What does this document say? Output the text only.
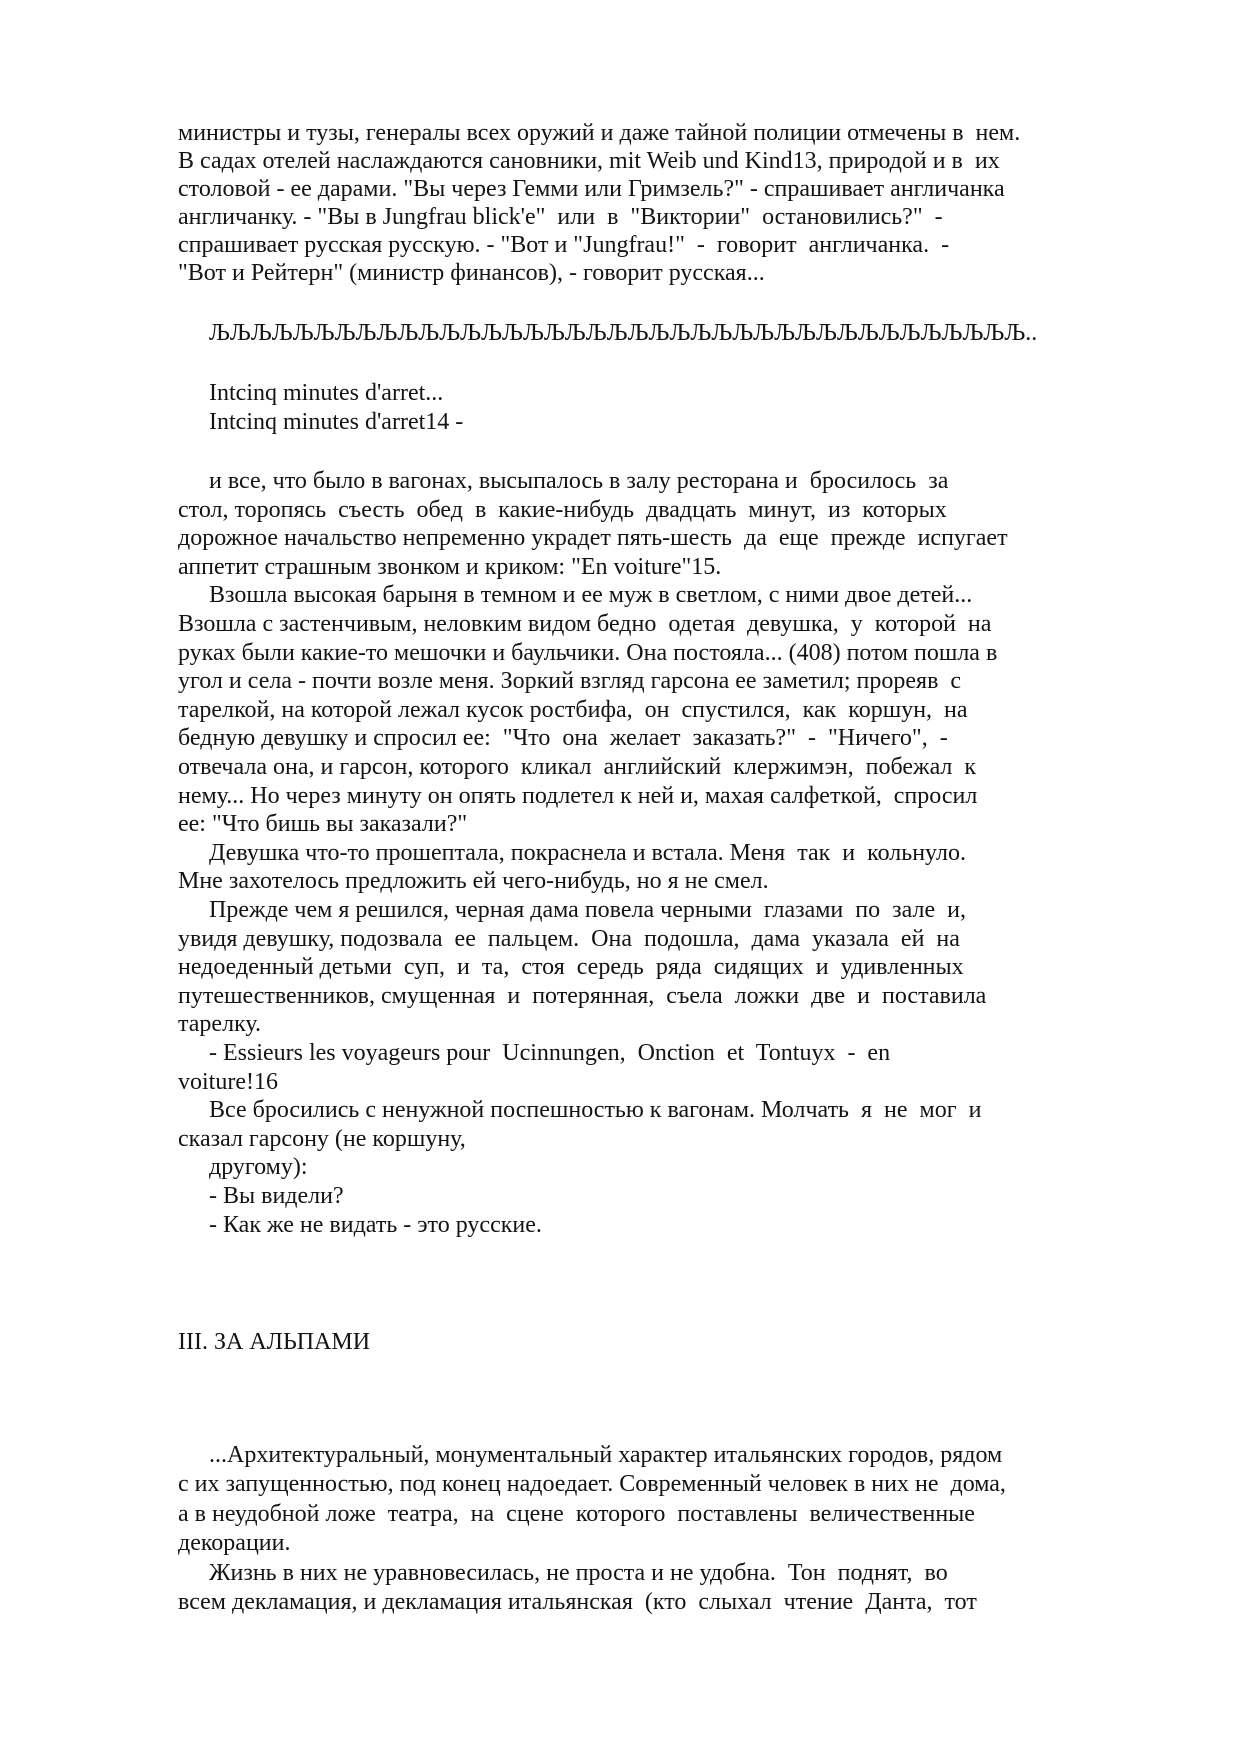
министры и тузы, генералы всех оружий и даже тайной полиции отмечены в  нем.
В садах отелей наслаждаются сановники, mit Weib und Kind13, природой и в  их
столовой - ее дарами. "Вы через Гемми или Гримзель?" - спрашивает англичанка
англичанку. - "Вы в Jungfrau blick'e"  или  в  "Виктории"  остановились?"  -
спрашивает русская русскую. - "Вот и "Jungfrau!"  -  говорит  англичанка.  -
"Вот и Рейтерн" (министр финансов), - говорит русская...
ЉЉЉЉЉЉЉЉЉЉЉЉЉЉЉЉЉЉЉЉЉЉЉЉЉЉЉЉЉЉЉЉЉЉЉЉЉЉЉ..
Intcinq minutes d'arret...
Intcinq minutes d'arret14 -
и все, что было в вагонах, высыпалось в залу ресторана и  бросилось  за
стол, торопясь  съесть  обед  в  какие-нибудь  двадцать  минут,  из  которых
дорожное начальство непременно украдет пять-шесть  да  еще  прежде  испугает
аппетит страшным звонком и криком: "En voiture"15.
Взошла высокая барыня в темном и ее муж в светлом, с ними двое детей...
Взошла с застенчивым, неловким видом бедно  одетая  девушка,  у  которой  на
руках были какие-то мешочки и баульчики. Она постояла... (408) потом пошла в
угол и села - почти возле меня. Зоркий взгляд гарсона ее заметил; прореяв  с
тарелкой, на которой лежал кусок ростбифа,  он  спустился,  как  коршун,  на
бедную девушку и спросил ее:  "Что  она  желает  заказать?"  -  "Ничего",  -
отвечала она, и гарсон, которого  кликал  английский  клержимэн,  побежал  к
нему... Но через минуту он опять подлетел к ней и, махая салфеткой,  спросил
ее: "Что бишь вы заказали?"
Девушка что-то прошептала, покраснела и встала. Меня  так  и  кольнуло.
Мне захотелось предложить ей чего-нибудь, но я не смел.
Прежде чем я решился, черная дама повела черными  глазами  по  зале  и,
увидя девушку, подозвала  ее  пальцем.  Она  подошла,  дама  указала  ей  на
недоеденный детьми  суп,  и  та,  стоя  середь  ряда  сидящих  и  удивленных
путешественников, смущенная  и  потерянная,  съела  ложки  две  и  поставила
тарелку.
- Essieurs les voyageurs pour  Ucinnungen,  Onction  et  Tontuyx  -  en
voiture!16
Все бросились с ненужной поспешностью к вагонам. Молчать  я  не  мог  и
сказал гарсону (не коршуну,
другому):
- Вы видели?
- Как же не видать - это русские.
III. ЗА АЛЬПАМИ
...Архитектуральный, монументальный характер итальянских городов, рядом
с их запущенностью, под конец надоедает. Современный человек в них не  дома,
а в неудобной ложе  театра,  на  сцене  которого  поставлены  величественные
декорации.
Жизнь в них не уравновесилась, не проста и не удобна.  Тон  поднят,  во
всем декламация, и декламация итальянская  (кто  слыхал  чтение  Данта,  тот
